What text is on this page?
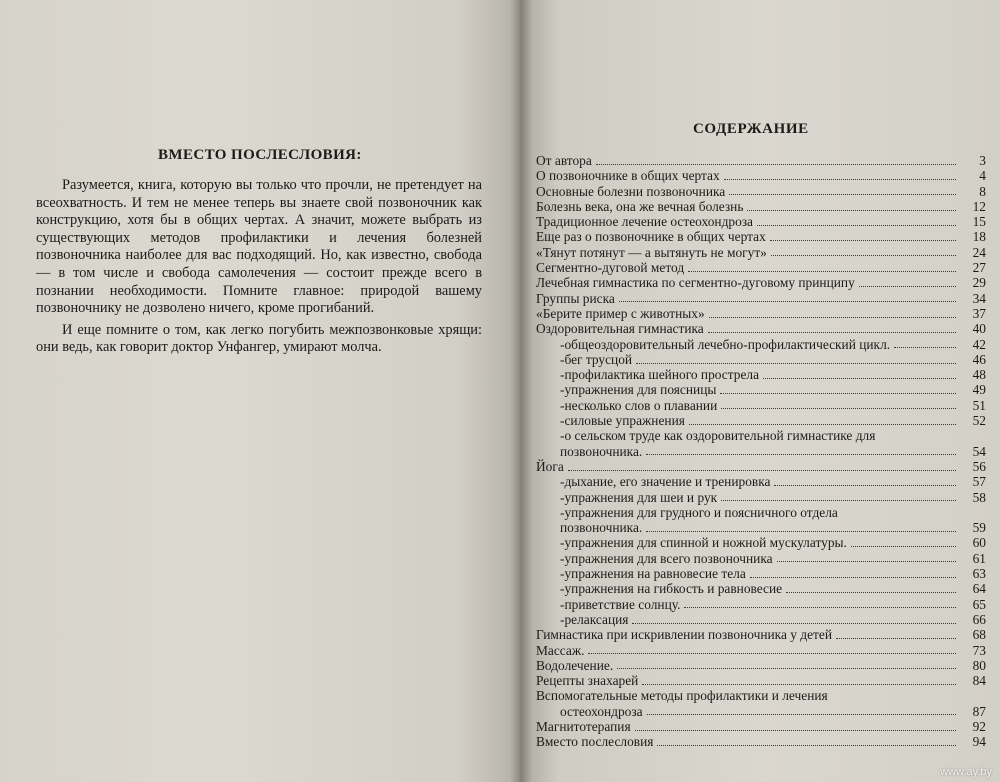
ВМЕСТО ПОСЛЕСЛОВИЯ:

Разумеется, книга, которую вы только что прочли, не претендует на всеохватность. И тем не менее теперь вы знаете свой позвоночник как конструкцию, хотя бы в общих чертах. А значит, можете выбрать из существующих методов профилактики и лечения болезней позвоночника наиболее для вас подходящий. Но, как известно, свобода — в том числе и свобода самолечения — состоит прежде всего в познании необходимости. Помните главное: природой вашему позвоночнику не дозволено ничего, кроме прогибаний.

И еще помните о том, как легко погубить межпозвонковые хрящи: они ведь, как говорит доктор Унфангер, умирают молча.

СОДЕРЖАНИЕ
От автора	3
О позвоночнике в общих чертах	4
Основные болезни позвоночника	8
Болезнь века, она же вечная болезнь	12
Традиционное лечение остеохондроза	15
Еще раз о позвоночнике в общих чертах	18
«Тянут потянут — а вытянуть не могут»	24
Сегментно-дуговой метод	27
Лечебная гимнастика по сегментно-дуговому принципу	29
Группы риска	34
«Берите пример с животных»	37
Оздоровительная гимнастика	40
-общеоздоровительный лечебно-профилактический цикл.	42
-бег трусцой	46
-профилактика шейного прострела	48
-упражнения для поясницы	49
-несколько слов о плавании	51
-силовые упражнения	52
-о сельском труде как оздоровительной гимнастике для
позвоночника.	54
Йога	56
-дыхание, его значение и тренировка	57
-упражнения для шеи и рук	58
-упражнения для грудного и поясничного отдела
позвоночника.	59
-упражнения для спинной и ножной мускулатуры.	60
-упражнения для всего позвоночника	61
-упражнения на равновесие тела	63
-упражнения на гибкость и равновесие	64
-приветствие солнцу.	65
-релаксация	66
Гимнастика при искривлении позвоночника у детей	68
Массаж.	73
Водолечение.	80
Рецепты знахарей	84
Вспомогательные методы профилактики и лечения
остеохондроза	87
Магнитотерапия	92
Вместо послесловия	94
www.ay.by
